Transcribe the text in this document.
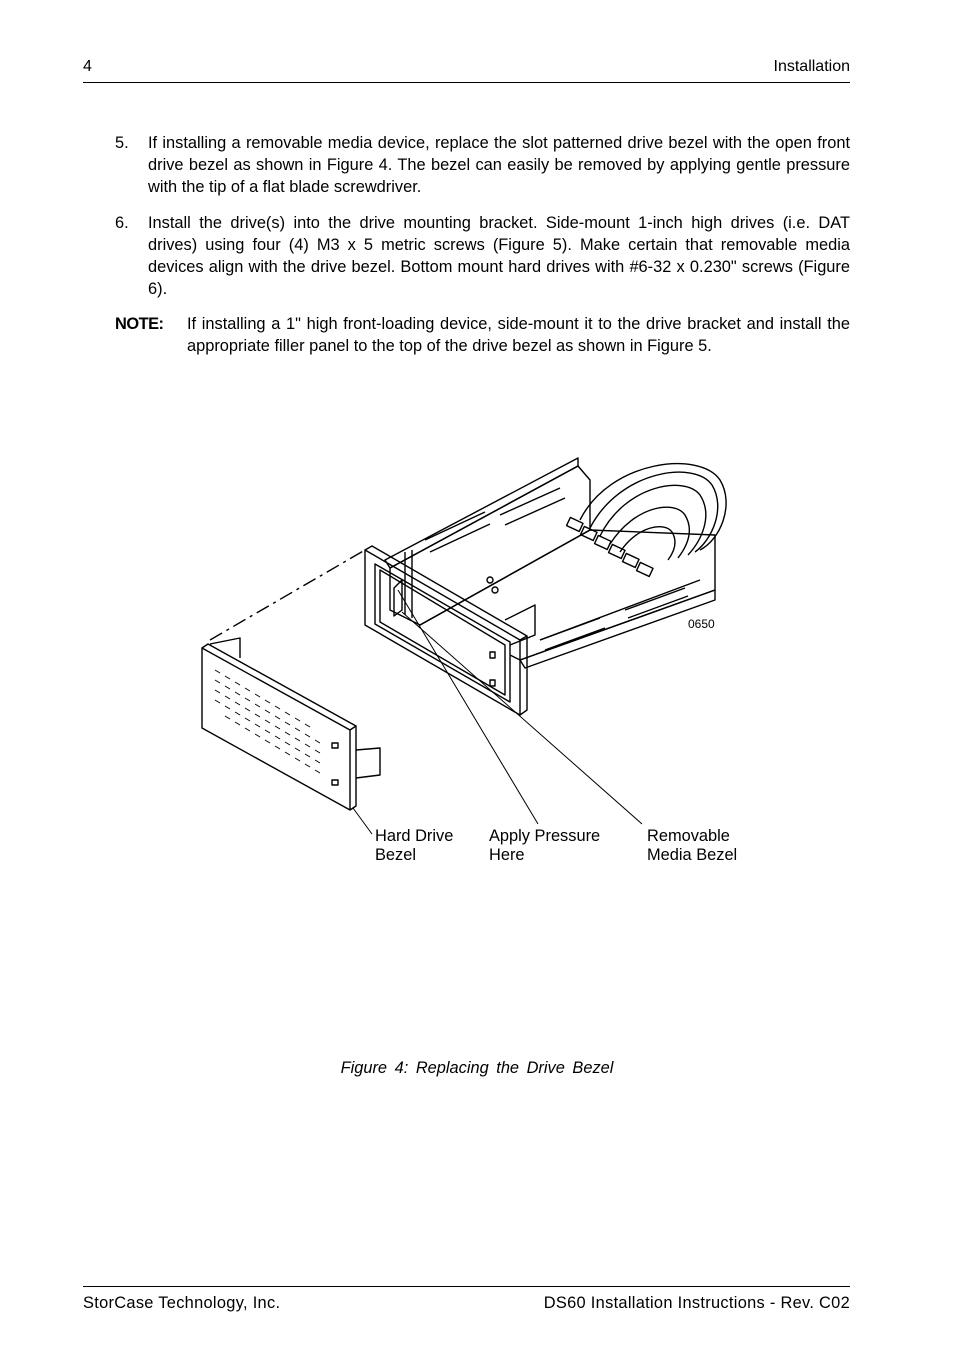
4	Installation
5. If installing a removable media device, replace the slot patterned drive bezel with the open front drive bezel as shown in Figure 4. The bezel can easily be removed by applying gentle pressure with the tip of a flat blade screwdriver.
6. Install the drive(s) into the drive mounting bracket. Side-mount 1-inch high drives (i.e. DAT drives) using four (4) M3 x 5 metric screws (Figure 5). Make certain that removable media devices align with the drive bezel. Bottom mount hard drives with #6-32 x 0.230" screws (Figure 6).
NOTE: If installing a 1" high front-loading device, side-mount it to the drive bracket and install the appropriate filler panel to the top of the drive bezel as shown in Figure 5.
0650
Hard Drive
Bezel
Apply Pressure
Here
Removable
Media Bezel
Figure 4: Replacing the Drive Bezel
StorCase Technology, Inc.	DS60 Installation Instructions - Rev. C02
